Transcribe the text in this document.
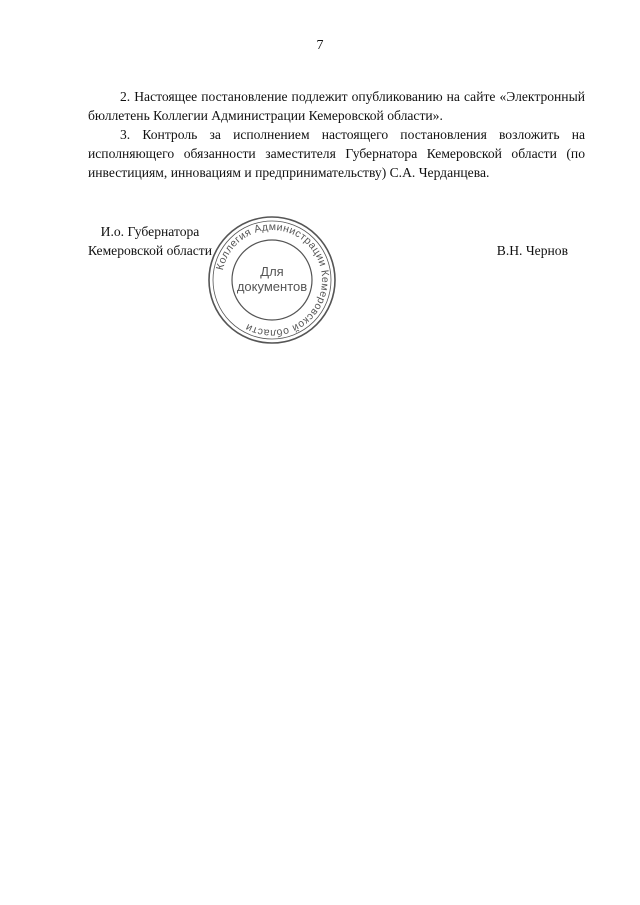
7

2. Настоящее постановление подлежит опубликованию на сайте «Электронный бюллетень Коллегии Администрации Кемеровской области».

3. Контроль за исполнением настоящего постановления возложить на исполняющего обязанности заместителя Губернатора Кемеровской области (по инвестициям, инновациям и предпринимательству) С.А. Черданцева.

И.о. Губернатора
Кемеровской области	В.Н. Чернов
Коллегия Администрации Кемеровской области
Для
документов
